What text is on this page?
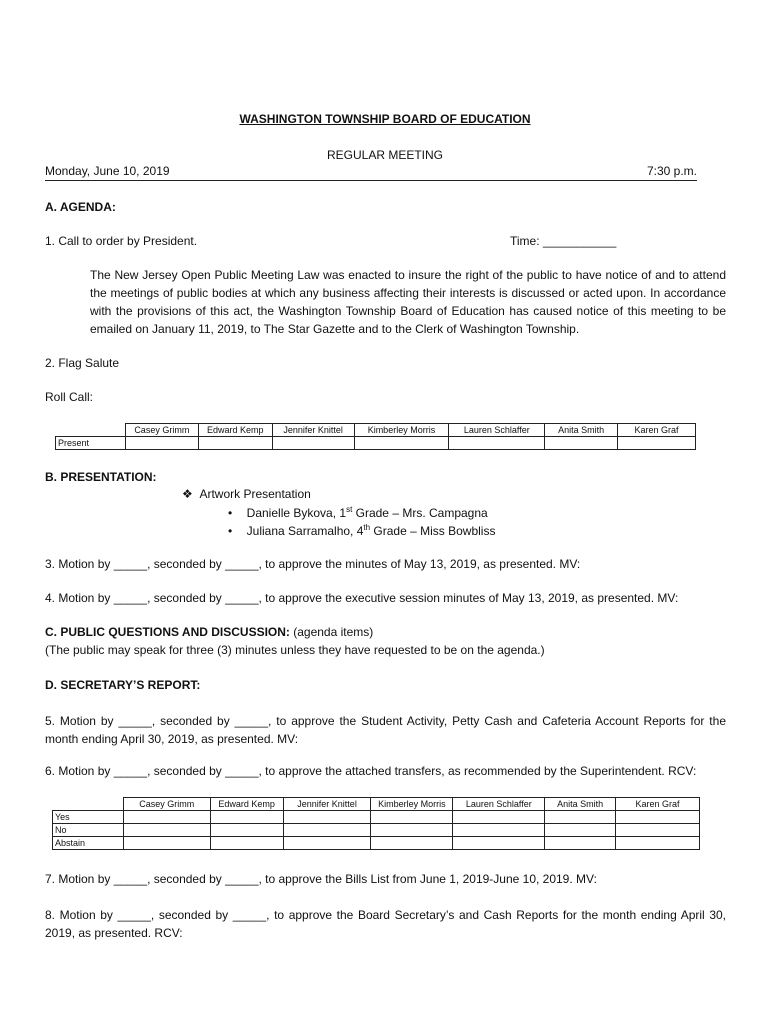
WASHINGTON TOWNSHIP BOARD OF EDUCATION
REGULAR MEETING
Monday, June 10, 2019	7:30 p.m.
A. AGENDA:
1. Call to order by President.	Time: ___________
The New Jersey Open Public Meeting Law was enacted to insure the right of the public to have notice of and to attend the meetings of public bodies at which any business affecting their interests is discussed or acted upon. In accordance with the provisions of this act, the Washington Township Board of Education has caused notice of this meeting to be emailed on January 11, 2019, to The Star Gazette and to the Clerk of Washington Township.
2. Flag Salute
Roll Call:
	Casey Grimm	Edward Kemp	Jennifer Knittel	Kimberley Morris	Lauren Schlaffer	Anita Smith	Karen Graf
Present							
B. PRESENTATION:
❖ Artwork Presentation
• Danielle Bykova, 1st Grade – Mrs. Campagna
• Juliana Sarramalho, 4th Grade – Miss Bowbliss
3. Motion by _____, seconded by _____, to approve the minutes of May 13, 2019, as presented. MV:
4. Motion by _____, seconded by _____, to approve the executive session minutes of May 13, 2019, as presented. MV:
C. PUBLIC QUESTIONS AND DISCUSSION: (agenda items)
(The public may speak for three (3) minutes unless they have requested to be on the agenda.)
D. SECRETARY’S REPORT:
5. Motion by _____, seconded by _____, to approve the Student Activity, Petty Cash and Cafeteria Account Reports for the month ending April 30, 2019, as presented. MV:
6. Motion by _____, seconded by _____, to approve the attached transfers, as recommended by the Superintendent. RCV:
	Casey Grimm	Edward Kemp	Jennifer Knittel	Kimberley Morris	Lauren Schlaffer	Anita Smith	Karen Graf
Yes							
No							
Abstain							
7. Motion by _____, seconded by _____, to approve the Bills List from June 1, 2019-June 10, 2019. MV:
8. Motion by _____, seconded by _____, to approve the Board Secretary’s and Cash Reports for the month ending April 30, 2019, as presented. RCV:
